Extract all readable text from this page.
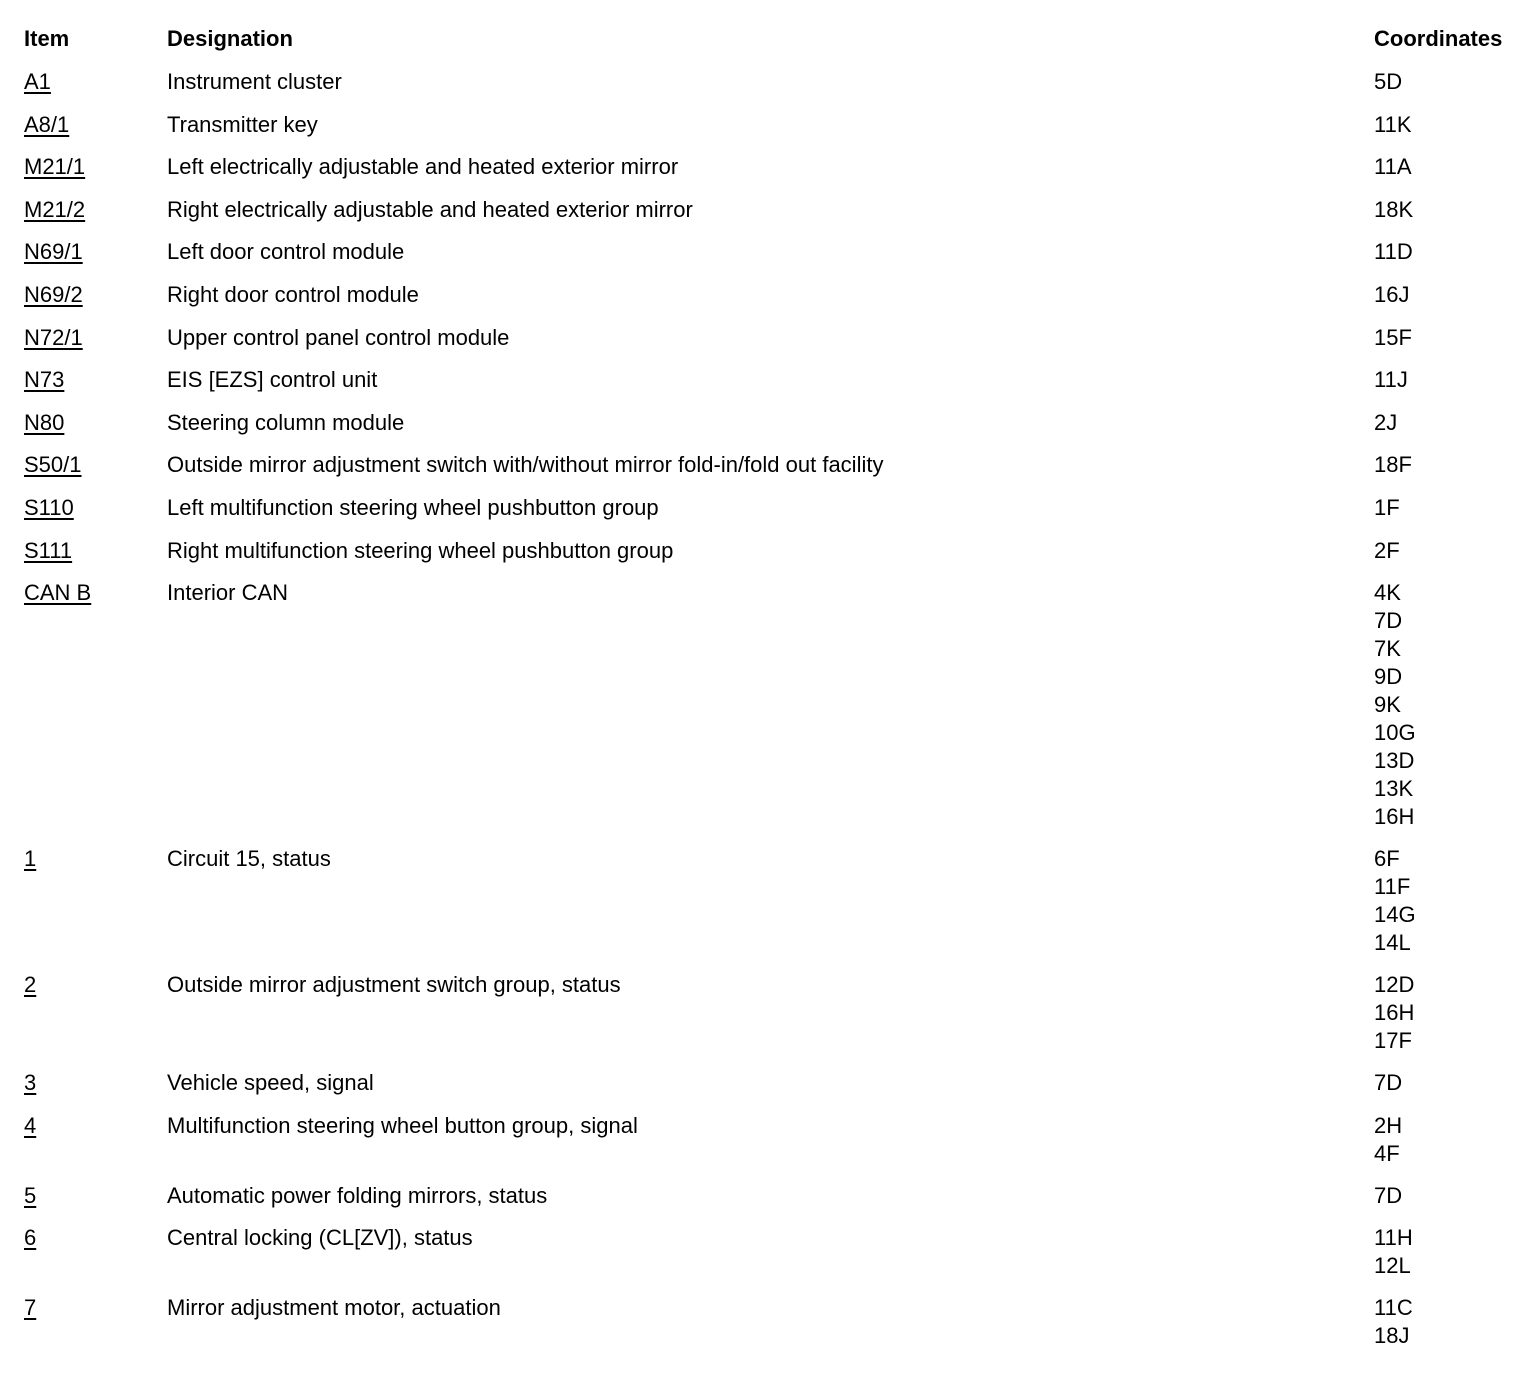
Item	Designation	Coordinates
A1	Instrument cluster	5D
A8/1	Transmitter key	11K
M21/1	Left electrically adjustable and heated exterior mirror	11A
M21/2	Right electrically adjustable and heated exterior mirror	18K
N69/1	Left door control module	11D
N69/2	Right door control module	16J
N72/1	Upper control panel control module	15F
N73	EIS [EZS] control unit	11J
N80	Steering column module	2J
S50/1	Outside mirror adjustment switch with/without mirror fold-in/fold out facility	18F
S110	Left multifunction steering wheel pushbutton group	1F
S111	Right multifunction steering wheel pushbutton group	2F
CAN B	Interior CAN	4K
7D
7K
9D
9K
10G
13D
13K
16H
1	Circuit 15, status	6F
11F
14G
14L
2	Outside mirror adjustment switch group, status	12D
16H
17F
3	Vehicle speed, signal	7D
4	Multifunction steering wheel button group, signal	2H
4F
5	Automatic power folding mirrors, status	7D
6	Central locking (CL[ZV]), status	11H
12L
7	Mirror adjustment motor, actuation	11C
18J
